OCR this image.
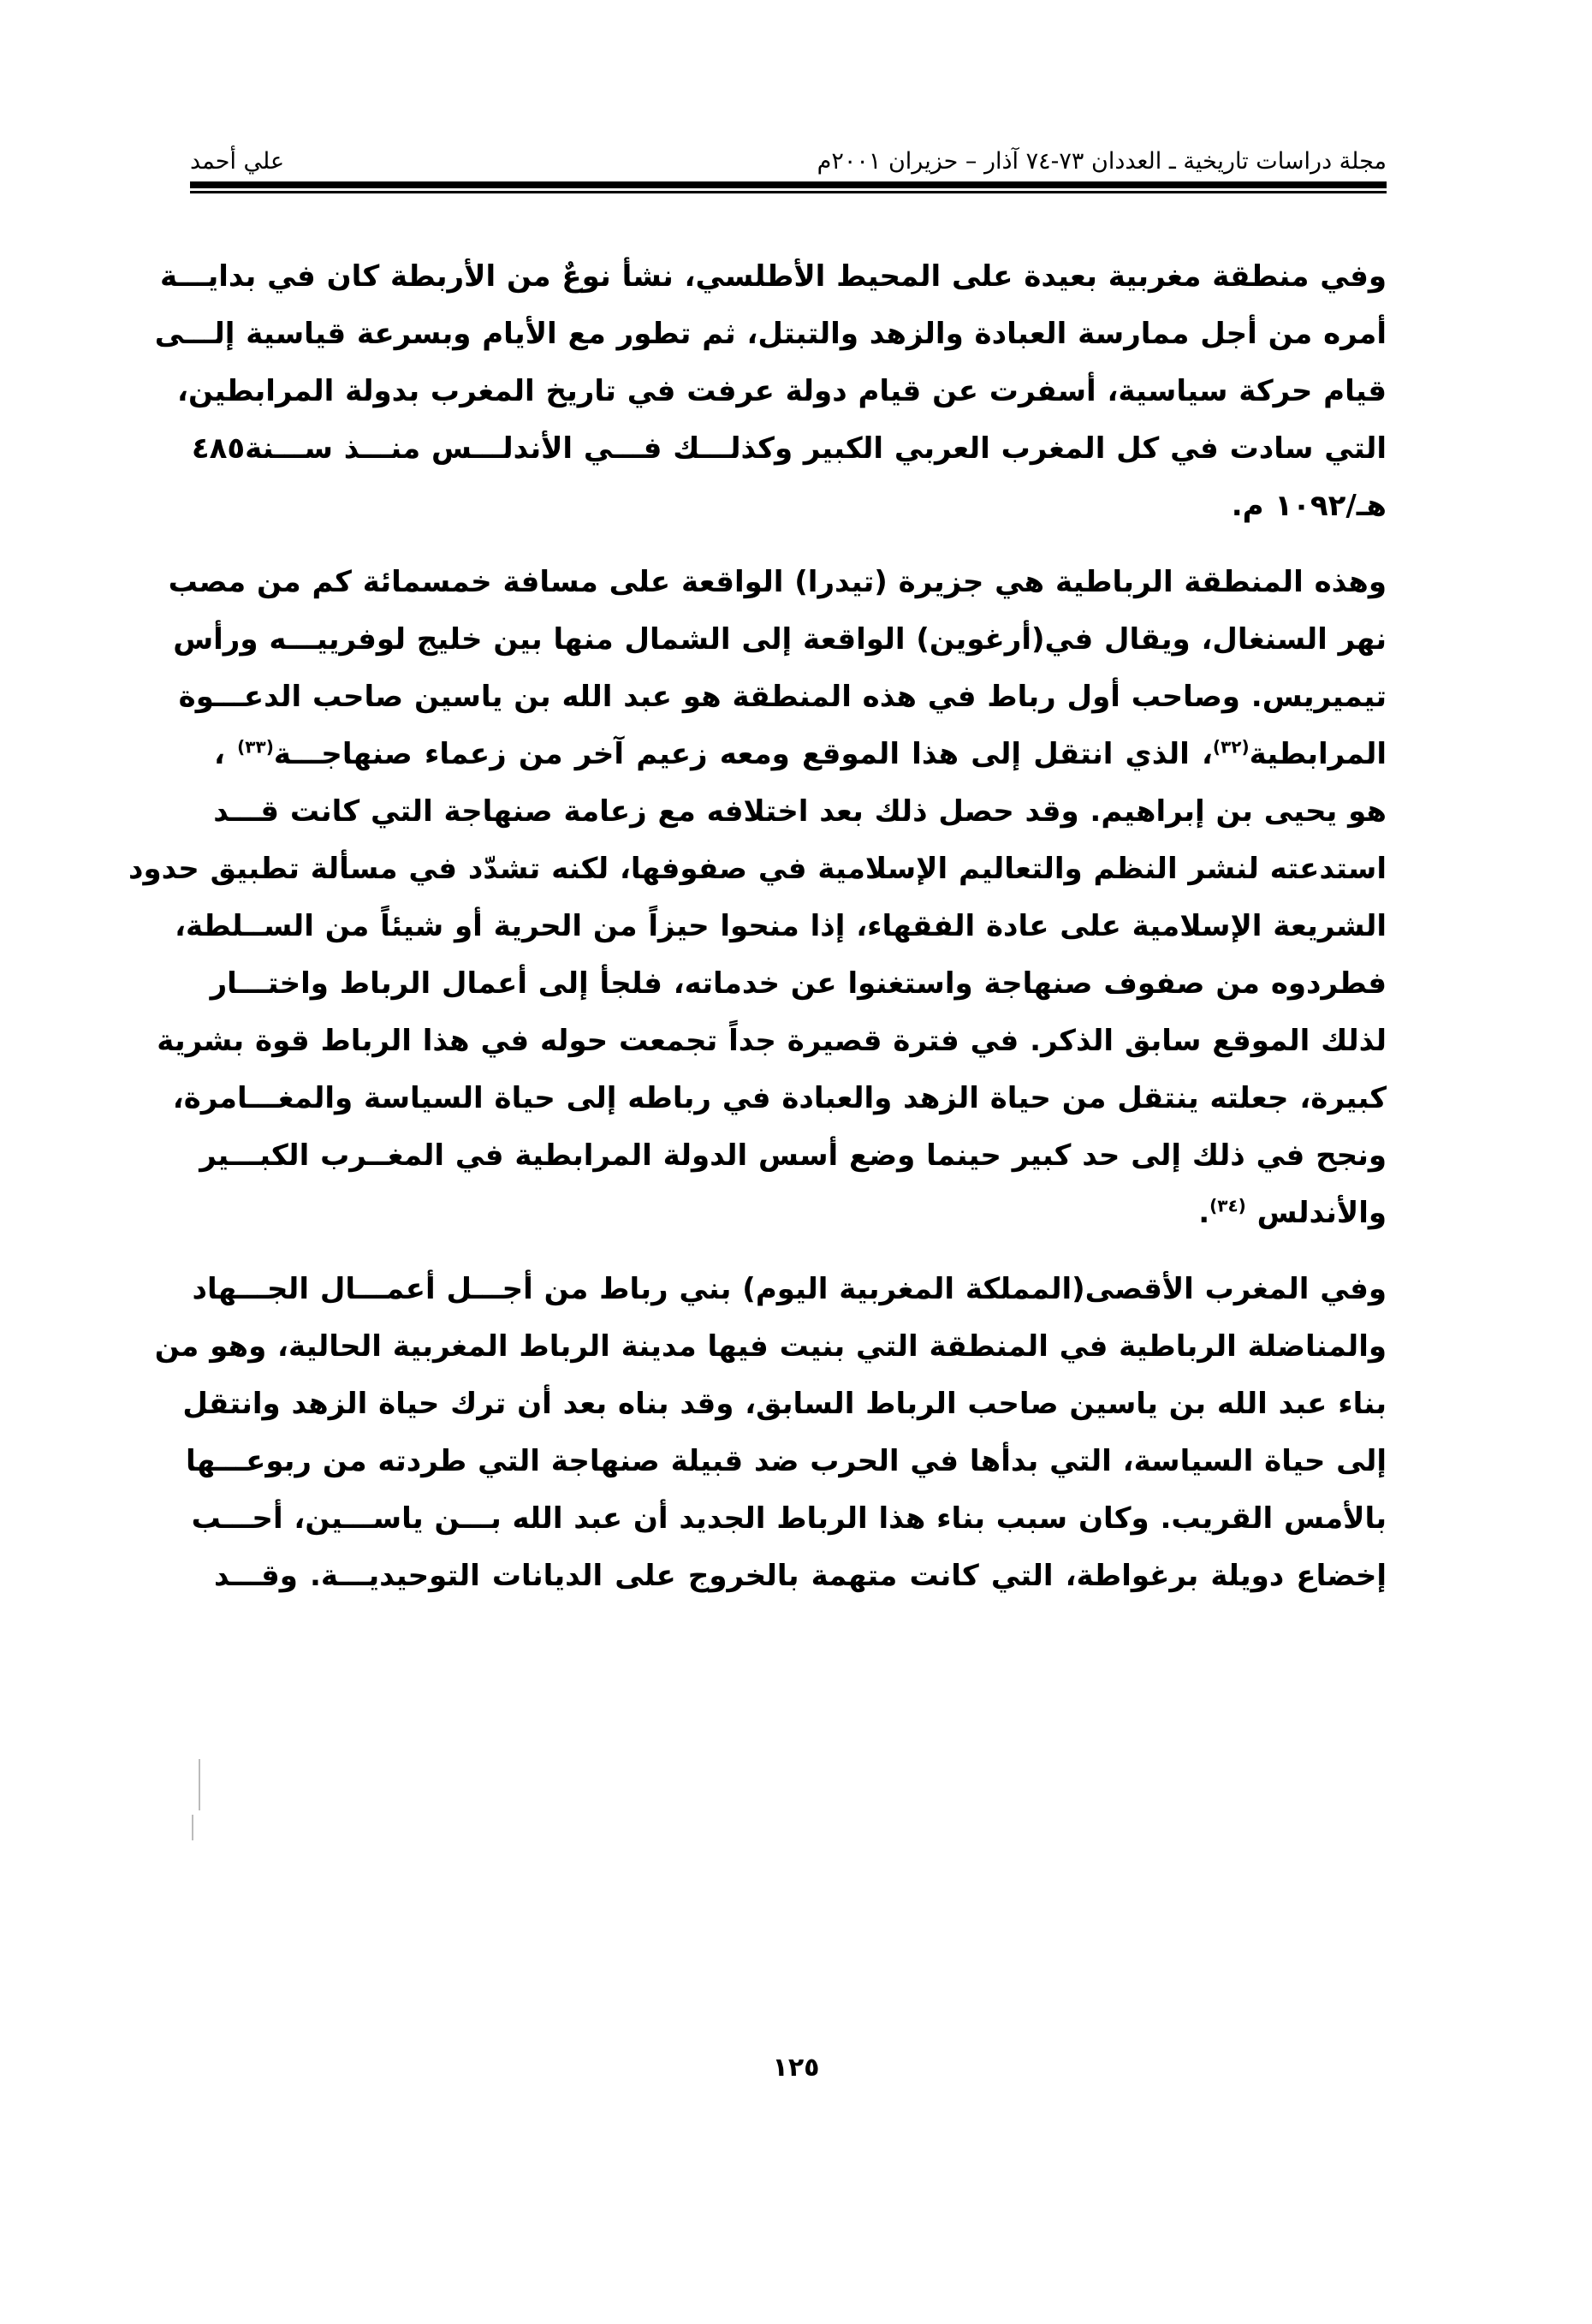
مجلة دراسات تاريخية ـ العددان ٧٣-٧٤ آذار – حزيران ٢٠٠١م
علي أحمد
وفي منطقة مغربية بعيدة على المحيط الأطلسي، نشأ نوعٌ من الأربطة كان في بدايـــة
أمره من أجل ممارسة العبادة والزهد والتبتل، ثم تطور مع الأيام وبسرعة قياسية إلـــى
قيام حركة سياسية، أسفرت عن قيام دولة عرفت في تاريخ المغرب بدولة المرابطين،
التي سادت في كل المغرب العربي الكبير وكذلـــك فـــي الأندلـــس منـــذ ســـنة٤٨٥
هـ/١٠٩٢ م.
وهذه المنطقة الرباطية هي جزيرة (تيدرا) الواقعة على مسافة خمسمائة كم من مصب
نهر السنغال، ويقال في(أرغوين) الواقعة إلى الشمال منها بين خليج لوفرييـــه ورأس
تيميريس. وصاحب أول رباط في هذه المنطقة هو عبد الله بن ياسين صاحب الدعـــوة
المرابطية$^{(٣٢)}$، الذي انتقل إلى هذا الموقع ومعه زعيم آخر من زعماء صنهاجـــة$^{(٣٣)}$ ،
هو يحيى بن إبراهيم. وقد حصل ذلك بعد اختلافه مع زعامة صنهاجة التي كانت قـــد
استدعته لنشر النظم والتعاليم الإسلامية في صفوفها، لكنه تشدّد في مسألة تطبيق حدود
الشريعة الإسلامية على عادة الفقهاء، إذا منحوا حيزاً من الحرية أو شيئاً من الســلطة،
فطردوه من صفوف صنهاجة واستغنوا عن خدماته، فلجأ إلى أعمال الرباط واختـــار
لذلك الموقع سابق الذكر. في فترة قصيرة جداً تجمعت حوله في هذا الرباط قوة بشرية
كبيرة، جعلته ينتقل من حياة الزهد والعبادة في رباطه إلى حياة السياسة والمغـــامرة،
ونجح في ذلك إلى حد كبير حينما وضع أسس الدولة المرابطية في المغــرب الكبـــير
والأندلس $^{(٣٤)}$.
وفي المغرب الأقصى(المملكة المغربية اليوم) بني رباط من أجـــل أعمـــال الجـــهاد
والمناضلة الرباطية في المنطقة التي بنيت فيها مدينة الرباط المغربية الحالية، وهو من
بناء عبد الله بن ياسين صاحب الرباط السابق، وقد بناه بعد أن ترك حياة الزهد وانتقل
إلى حياة السياسة، التي بدأها في الحرب ضد قبيلة صنهاجة التي طردته من ربوعـــها
بالأمس القريب. وكان سبب بناء هذا الرباط الجديد أن عبد الله بـــن ياســـين، أحـــب
إخضاع دويلة برغواطة، التي كانت متهمة بالخروج على الديانات التوحيديـــة. وقـــد
١٢٥
